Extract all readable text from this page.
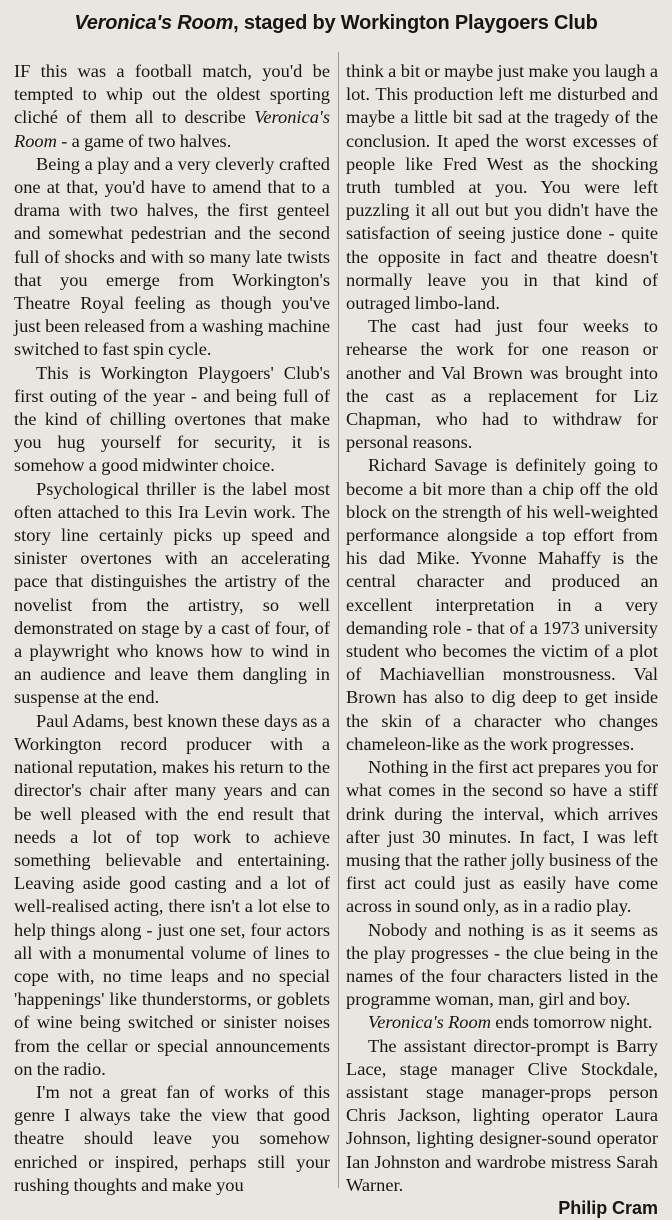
Veronica's Room, staged by Workington Playgoers Club

IF this was a football match, you'd be tempted to whip out the oldest sporting cliché of them all to describe Veronica's Room - a game of two halves.

Being a play and a very cleverly crafted one at that, you'd have to amend that to a drama with two halves, the first genteel and somewhat pedestrian and the second full of shocks and with so many late twists that you emerge from Workington's Theatre Royal feeling as though you've just been released from a washing machine switched to fast spin cycle.

This is Workington Playgoers' Club's first outing of the year - and being full of the kind of chilling overtones that make you hug yourself for security, it is somehow a good midwinter choice.

Psychological thriller is the label most often attached to this Ira Levin work. The story line certainly picks up speed and sinister overtones with an accelerating pace that distinguishes the artistry of the novelist from the artistry, so well demonstrated on stage by a cast of four, of a playwright who knows how to wind in an audience and leave them dangling in suspense at the end.

Paul Adams, best known these days as a Workington record producer with a national reputation, makes his return to the director's chair after many years and can be well pleased with the end result that needs a lot of top work to achieve something believable and entertaining. Leaving aside good casting and a lot of well-realised acting, there isn't a lot else to help things along - just one set, four actors all with a monumental volume of lines to cope with, no time leaps and no special 'happenings' like thunderstorms, or goblets of wine being switched or sinister noises from the cellar or special announcements on the radio.

I'm not a great fan of works of this genre I always take the view that good theatre should leave you somehow enriched or inspired, perhaps still your rushing thoughts and make you

think a bit or maybe just make you laugh a lot. This production left me disturbed and maybe a little bit sad at the tragedy of the conclusion. It aped the worst excesses of people like Fred West as the shocking truth tumbled at you. You were left puzzling it all out but you didn't have the satisfaction of seeing justice done - quite the opposite in fact and theatre doesn't normally leave you in that kind of outraged limbo-land.

The cast had just four weeks to rehearse the work for one reason or another and Val Brown was brought into the cast as a replacement for Liz Chapman, who had to withdraw for personal reasons.

Richard Savage is definitely going to become a bit more than a chip off the old block on the strength of his well-weighted performance alongside a top effort from his dad Mike. Yvonne Mahaffy is the central character and produced an excellent interpretation in a very demanding role - that of a 1973 university student who becomes the victim of a plot of Machiavellian monstrousness. Val Brown has also to dig deep to get inside the skin of a character who changes chameleon-like as the work progresses.

Nothing in the first act prepares you for what comes in the second so have a stiff drink during the interval, which arrives after just 30 minutes. In fact, I was left musing that the rather jolly business of the first act could just as easily have come across in sound only, as in a radio play.

Nobody and nothing is as it seems as the play progresses - the clue being in the names of the four characters listed in the programme woman, man, girl and boy.

Veronica's Room ends tomorrow night.

The assistant director-prompt is Barry Lace, stage manager Clive Stockdale, assistant stage manager-props person Chris Jackson, lighting operator Laura Johnson, lighting designer-sound operator Ian Johnston and wardrobe mistress Sarah Warner.

Philip Cram
